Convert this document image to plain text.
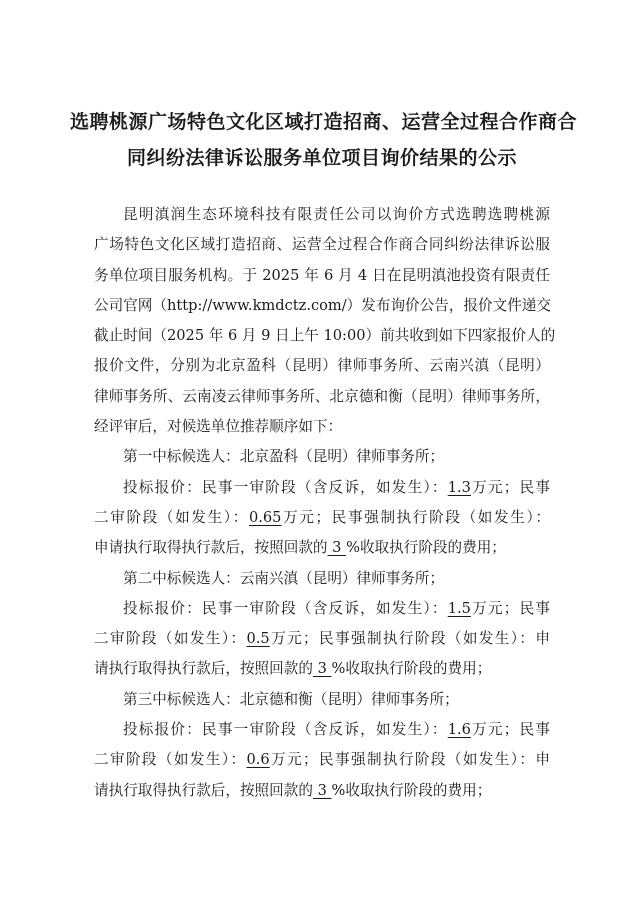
选聘桃源广场特色文化区域打造招商、运营全过程合作商合
同纠纷法律诉讼服务单位项目询价结果的公示

昆明滇润生态环境科技有限责任公司以询价方式选聘选聘桃源
广场特色文化区域打造招商、运营全过程合作商合同纠纷法律诉讼服
务单位项目服务机构。于 2025 年 6 月 4 日在昆明滇池投资有限责任
公司官网（http://www.kmdctz.com/）发布询价公告，报价文件递交
截止时间（2025 年 6 月 9 日上午 10:00）前共收到如下四家报价人的
报价文件，分别为北京盈科（昆明）律师事务所、云南兴滇（昆明）
律师事务所、云南凌云律师事务所、北京德和衡（昆明）律师事务所，
经评审后，对候选单位推荐顺序如下：

第一中标候选人：北京盈科（昆明）律师事务所；

投标报价：民事一审阶段（含反诉，如发生）：1.3万元；民事
二审阶段（如发生）：0.65万元；民事强制执行阶段（如发生）：
申请执行取得执行款后，按照回款的 3 %收取执行阶段的费用；

第二中标候选人：云南兴滇（昆明）律师事务所；

投标报价：民事一审阶段（含反诉，如发生）：1.5万元；民事
二审阶段（如发生）：0.5万元；民事强制执行阶段（如发生）：申
请执行取得执行款后，按照回款的 3 %收取执行阶段的费用；

第三中标候选人：北京德和衡（昆明）律师事务所；

投标报价：民事一审阶段（含反诉，如发生）：1.6万元；民事
二审阶段（如发生）：0.6万元；民事强制执行阶段（如发生）：申
请执行取得执行款后，按照回款的 3 %收取执行阶段的费用；
